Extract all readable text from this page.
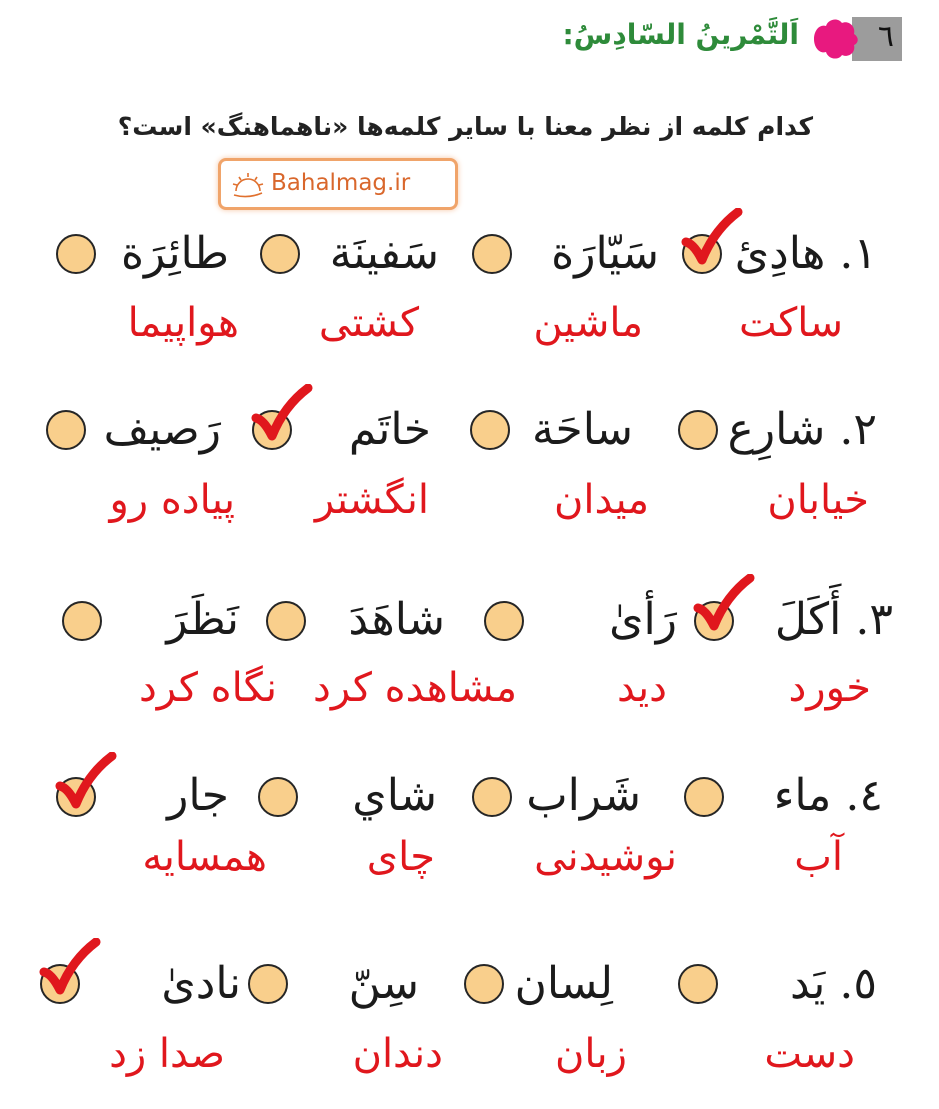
٦
اَلتَّمْرينُ السّادِسُ:
کدام کلمه از نظر معنا با سایر کلمه‌ها «ناهماهنگ» است؟
Bahalmag.ir
١. هادِئ
سَيّارَة
سَفينَة
طائِرَة
ساکت
ماشین
کشتی
هواپیما
٢. شارِع
ساحَة
خاتَم
رَصيف
خیابان
میدان
انگشتر
پیاده رو
٣. أَكَلَ
رَأىٰ
شاهَدَ
نَظَرَ
خورد
دید
مشاهده کرد
نگاه کرد
٤. ماء
شَراب
شاي
جار
آب
نوشیدنی
چای
همسایه
٥. يَد
لِسان
سِنّ
نادىٰ
دست
زبان
دندان
صدا زد
